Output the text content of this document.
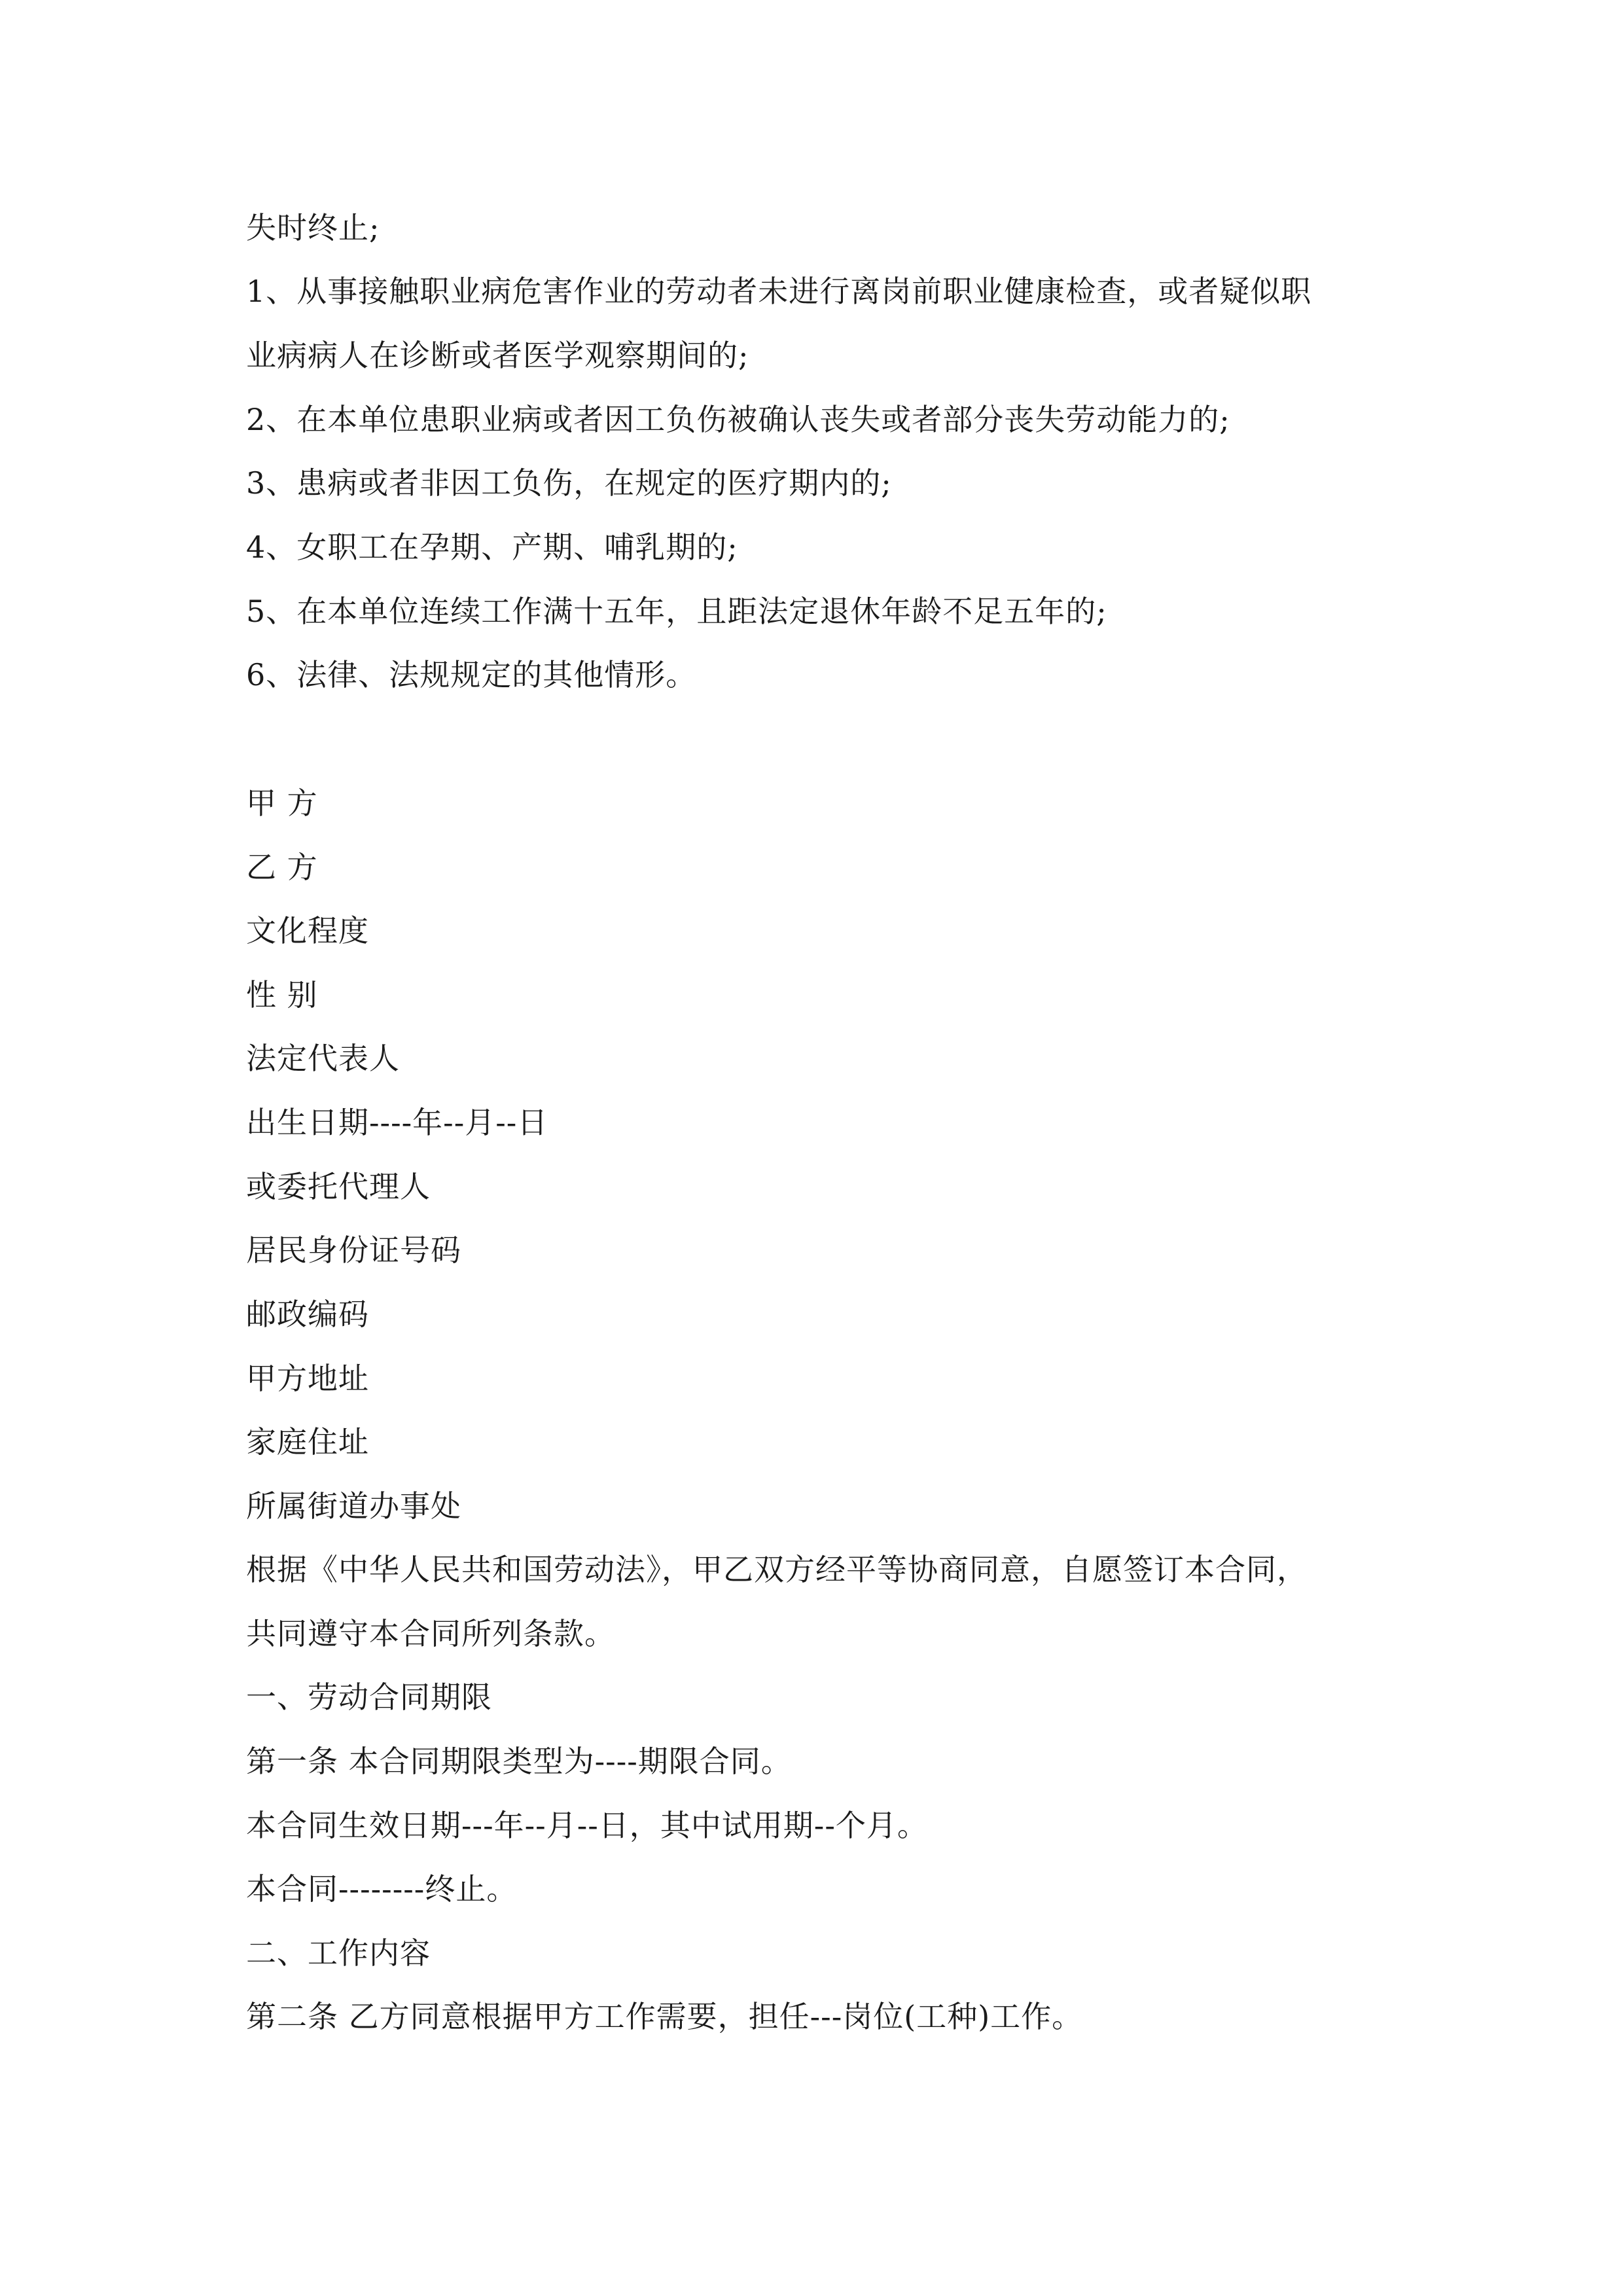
失时终止;
1、从事接触职业病危害作业的劳动者未进行离岗前职业健康检查，或者疑似职
业病病人在诊断或者医学观察期间的;
2、在本单位患职业病或者因工负伤被确认丧失或者部分丧失劳动能力的;
3、患病或者非因工负伤，在规定的医疗期内的;
4、女职工在孕期、产期、哺乳期的;
5、在本单位连续工作满十五年，且距法定退休年龄不足五年的;
6、法律、法规规定的其他情形。
甲 方
乙 方
文化程度
性 别
法定代表人
出生日期----年--月--日
或委托代理人
居民身份证号码
邮政编码
甲方地址
家庭住址
所属街道办事处
根据《中华人民共和国劳动法》，甲乙双方经平等协商同意，自愿签订本合同，
共同遵守本合同所列条款。
一、劳动合同期限
第一条 本合同期限类型为----期限合同。
本合同生效日期---年--月--日，其中试用期--个月。
本合同--------终止。
二、工作内容
第二条 乙方同意根据甲方工作需要，担任---岗位(工种)工作。
